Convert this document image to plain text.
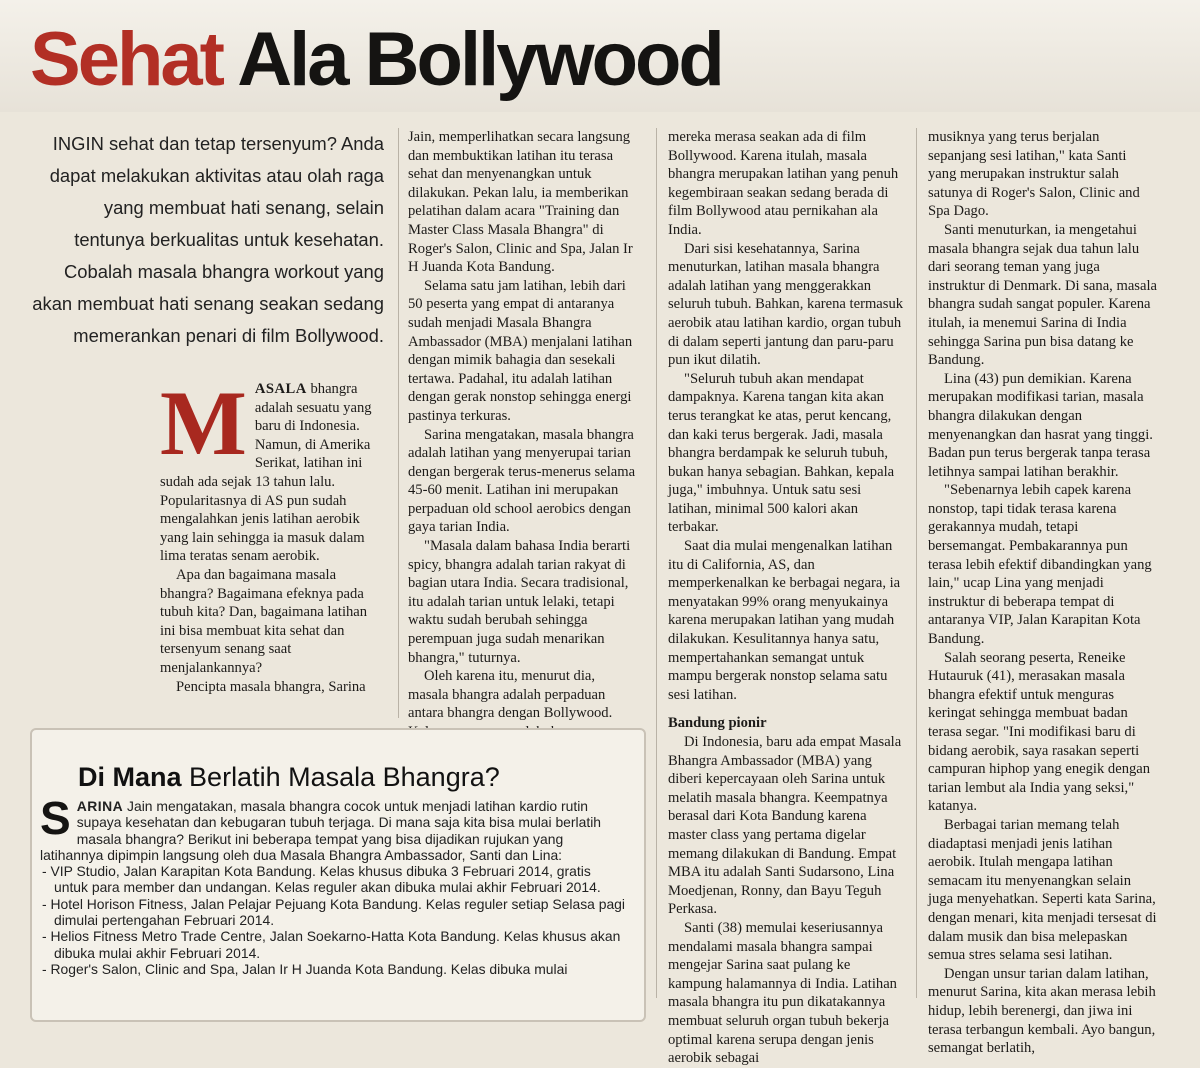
Sehat Ala Bollywood
INGIN sehat dan tetap tersenyum? Anda dapat melakukan aktivitas atau olah raga yang membuat hati senang, selain tentunya berkualitas untuk kesehatan. Cobalah masala bhangra workout yang akan membuat hati senang seakan sedang memerankan penari di film Bollywood.

M ASALA bhangra adalah sesuatu yang baru di Indonesia. Namun, di Amerika Serikat, latihan ini sudah ada sejak 13 tahun lalu. Popularitasnya di AS pun sudah mengalahkan jenis latihan aerobik yang lain sehingga ia masuk dalam lima teratas senam aerobik.

Apa dan bagaimana masala bhangra? Bagaimana efeknya pada tubuh kita? Dan, bagaimana latihan ini bisa membuat kita sehat dan tersenyum senang saat menjalankannya?

Pencipta masala bhangra, Sarina

Jain, memperlihatkan secara langsung dan membuktikan latihan itu terasa sehat dan menyenangkan untuk dilakukan. Pekan lalu, ia memberikan pelatihan dalam acara "Training dan Master Class Masala Bhangra" di Roger's Salon, Clinic and Spa, Jalan Ir H Juanda Kota Bandung.

Selama satu jam latihan, lebih dari 50 peserta yang empat di antaranya sudah menjadi Masala Bhangra Ambassador (MBA) menjalani latihan dengan mimik bahagia dan sesekali tertawa. Padahal, itu adalah latihan dengan gerak nonstop sehingga energi pastinya terkuras.

Sarina mengatakan, masala bhangra adalah latihan yang menyerupai tarian dengan bergerak terus-menerus selama 45-60 menit. Latihan ini merupakan perpaduan old school aerobics dengan gaya tarian India.

"Masala dalam bahasa India berarti spicy, bhangra adalah tarian rakyat di bagian utara India. Secara tradisional, itu adalah tarian untuk lelaki, tetapi waktu sudah berubah sehingga perempuan juga sudah menarikan bhangra," tuturnya.

Oleh karena itu, menurut dia, masala bhangra adalah perpaduan antara bhangra dengan Bollywood.

mereka merasa seakan ada di film Bollywood. Karena itulah, masala bhangra merupakan latihan yang penuh kegembiraan seakan sedang berada di film Bollywood atau pernikahan ala India.

Dari sisi kesehatannya, Sarina menuturkan, latihan masala bhangra adalah latihan yang menggerakkan seluruh tubuh. Bahkan, karena termasuk aerobik atau latihan kardio, organ tubuh di dalam seperti jantung dan paru-paru pun ikut dilatih.

"Seluruh tubuh akan mendapat dampaknya. Karena tangan kita akan terus terangkat ke atas, perut kencang, dan kaki terus bergerak. Jadi, masala bhangra berdampak ke seluruh tubuh, bukan hanya sebagian. Bahkan, kepala juga," imbuhnya. Untuk satu sesi latihan, minimal 500 kalori akan terbakar.

Saat dia mulai mengenalkan latihan itu di California, AS, dan memperkenalkan ke berbagai negara, ia menyatakan 99% orang menyukainya karena merupakan latihan yang mudah dilakukan. Kesulitannya hanya satu, mempertahankan semangat untuk mampu bergerak nonstop selama satu sesi latihan.

Bandung pionir

Di Indonesia, baru ada empat Masala Bhangra Ambassador (MBA) yang diberi kepercayaan oleh Sarina untuk melatih masala bhangra. Keempatnya berasal dari Kota Bandung karena master class yang pertama digelar memang dilakukan di Bandung. Empat MBA itu adalah Santi Sudarsono, Lina Moedjenan, Ronny, dan Bayu Teguh Perkasa.

Santi (38) memulai keseriusannya mendalami masala bhangra sampai mengejar Sarina saat pulang ke kampung halamannya di India. Latihan masala bhangra itu pun dikatakannya membuat seluruh organ tubuh bekerja optimal karena serupa dengan jenis aerobik sebagai

musiknya yang terus berjalan sepanjang sesi latihan," kata Santi yang merupakan instruktur salah satunya di Roger's Salon, Clinic and Spa Dago.

Santi menuturkan, ia mengetahui masala bhangra sejak dua tahun lalu dari seorang teman yang juga instruktur di Denmark. Di sana, masala bhangra sudah sangat populer. Karena itulah, ia menemui Sarina di India sehingga Sarina pun bisa datang ke Bandung.

Lina (43) pun demikian. Karena merupakan modifikasi tarian, masala bhangra dilakukan dengan menyenangkan dan hasrat yang tinggi. Badan pun terus bergerak tanpa terasa letihnya sampai latihan berakhir.

"Sebenarnya lebih capek karena nonstop, tapi tidak terasa karena gerakannya mudah, tetapi bersemangat. Pembakarannya pun terasa lebih efektif dibandingkan yang lain," ucap Lina yang menjadi instruktur di beberapa tempat di antaranya VIP, Jalan Karapitan Kota Bandung.

Salah seorang peserta, Reneike Hutauruk (41), merasakan masala bhangra efektif untuk menguras keringat sehingga membuat badan terasa segar. "Ini modifikasi baru di bidang aerobik, saya rasakan seperti campuran hiphop yang enegik dengan tarian lembut ala India yang seksi," katanya.

Berbagai tarian memang telah diadaptasi menjadi jenis latihan aerobik. Itulah mengapa latihan semacam itu menyenangkan selain juga menyehatkan. Seperti kata Sarina, dengan menari, kita menjadi tersesat di dalam musik dan bisa melepaskan semua stres selama sesi latihan.

Dengan unsur tarian dalam latihan, menurut Sarina, kita akan merasa lebih hidup, lebih berenergi, dan jiwa ini terasa terbangun kembali. Ayo bangun, semangat berlatih,

Di Mana Berlatih Masala Bhangra?

S ARINA Jain mengatakan, masala bhangra cocok untuk menjadi latihan kardio rutin supaya kesehatan dan kebugaran tubuh terjaga. Di mana saja kita bisa mulai berlatih masala bhangra? Berikut ini beberapa tempat yang bisa dijadikan rujukan yang latihannya dipimpin langsung oleh dua Masala Bhangra Ambassador, Santi dan Lina:

- VIP Studio, Jalan Karapitan Kota Bandung. Kelas khusus dibuka 3 Februari 2014, gratis untuk para member dan undangan. Kelas reguler akan dibuka mulai akhir Februari 2014.

- Hotel Horison Fitness, Jalan Pelajar Pejuang Kota Bandung. Kelas reguler setiap Selasa pagi dimulai pertengahan Februari 2014.

- Helios Fitness Metro Trade Centre, Jalan Soekarno-Hatta Kota Bandung. Kelas khusus akan dibuka mulai akhir Februari 2014.

- Roger's Salon, Clinic and Spa, Jalan Ir H Juanda Kota Bandung. Kelas dibuka mulai
